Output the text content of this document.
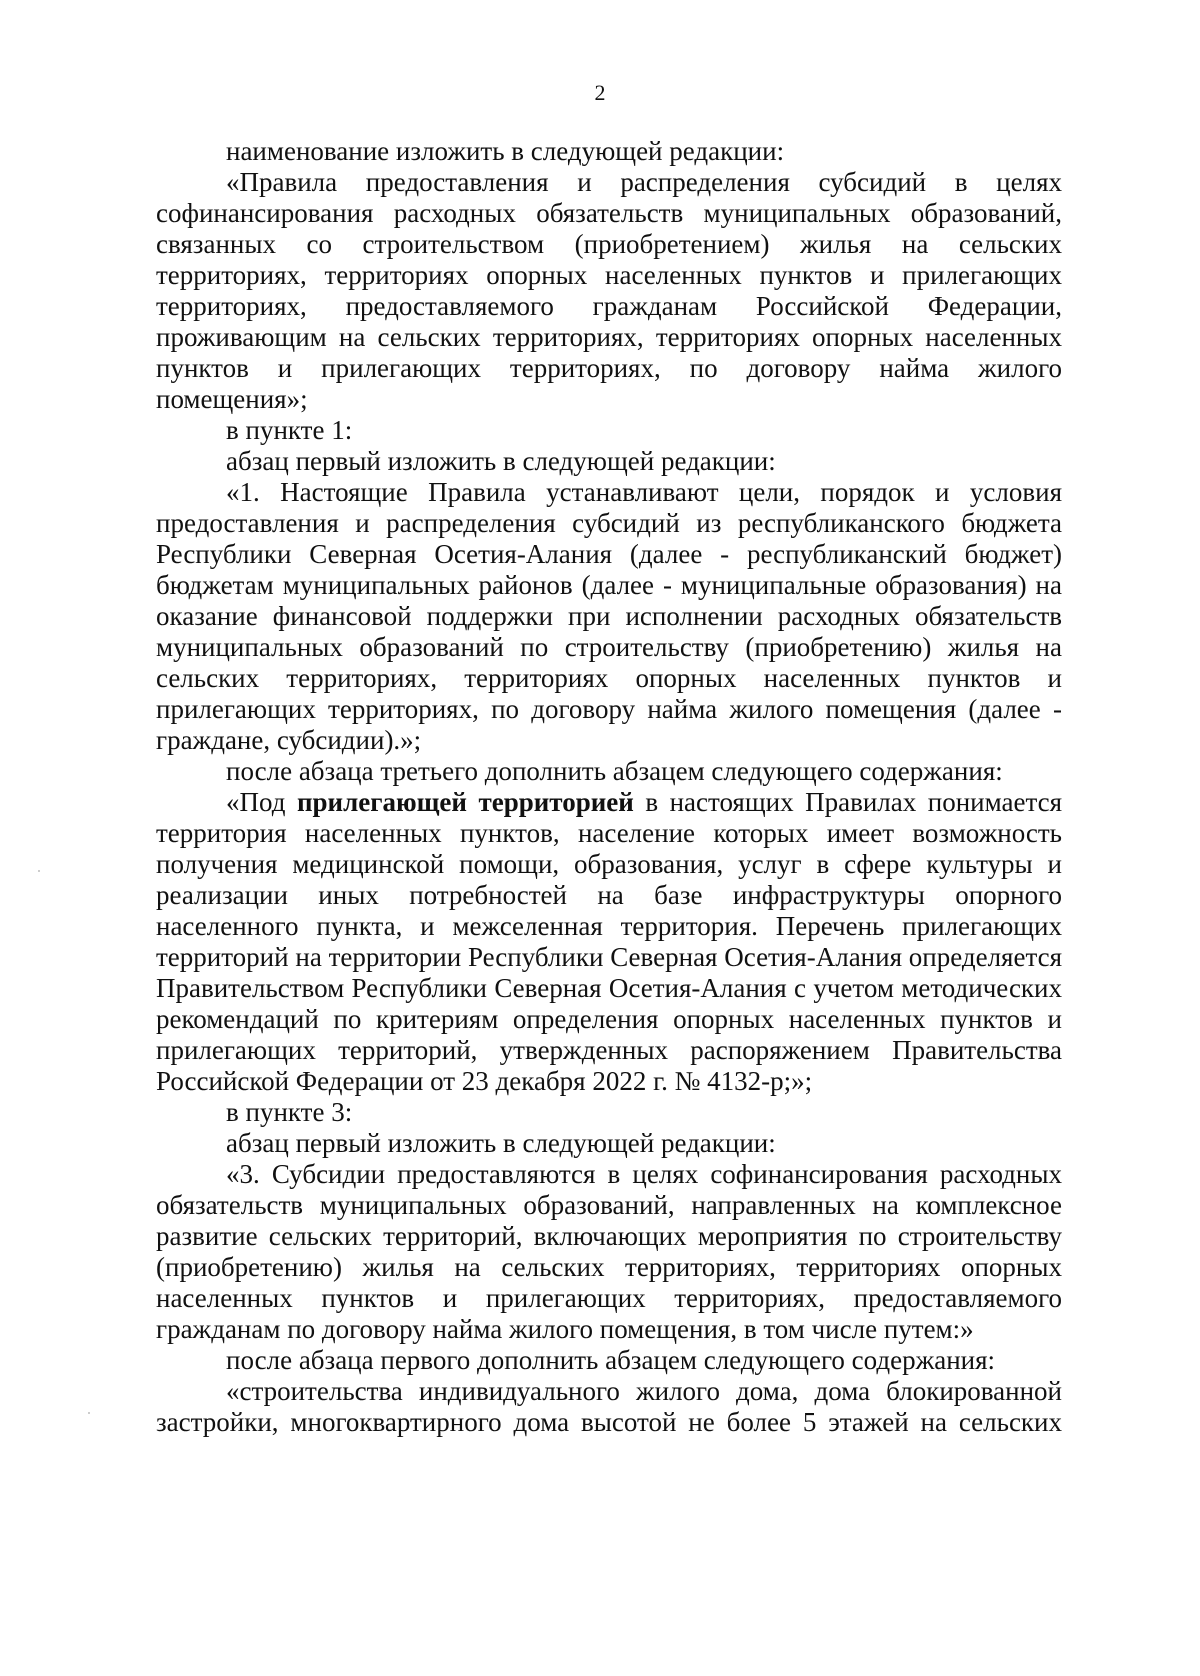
2

наименование изложить в следующей редакции:

«Правила предоставления и распределения субсидий в целях софинансирования расходных обязательств муниципальных образований, связанных со строительством (приобретением) жилья на сельских территориях, территориях опорных населенных пунктов и прилегающих территориях, предоставляемого гражданам Российской Федерации, проживающим на сельских территориях, территориях опорных населенных пунктов и прилегающих территориях, по договору найма жилого помещения»;

в пункте 1:

абзац первый изложить в следующей редакции:

«1. Настоящие Правила устанавливают цели, порядок и условия предоставления и распределения субсидий из республиканского бюджета Республики Северная Осетия-Алания (далее - республиканский бюджет) бюджетам муниципальных районов (далее - муниципальные образования) на оказание финансовой поддержки при исполнении расходных обязательств муниципальных образований по строительству (приобретению) жилья на сельских территориях, территориях опорных населенных пунктов и прилегающих территориях, по договору найма жилого помещения (далее - граждане, субсидии).»;

после абзаца третьего дополнить абзацем следующего содержания:

«Под прилегающей территорией в настоящих Правилах понимается территория населенных пунктов, население которых имеет возможность получения медицинской помощи, образования, услуг в сфере культуры и реализации иных потребностей на базе инфраструктуры опорного населенного пункта, и межселенная территория. Перечень прилегающих территорий на территории Республики Северная Осетия-Алания определяется Правительством Республики Северная Осетия-Алания с учетом методических рекомендаций по критериям определения опорных населенных пунктов и прилегающих территорий, утвержденных распоряжением Правительства Российской Федерации от 23 декабря 2022 г. № 4132-р;»;

в пункте 3:

абзац первый изложить в следующей редакции:

«3. Субсидии предоставляются в целях софинансирования расходных обязательств муниципальных образований, направленных на комплексное развитие сельских территорий, включающих мероприятия по строительству (приобретению) жилья на сельских территориях, территориях опорных населенных пунктов и прилегающих территориях, предоставляемого гражданам по договору найма жилого помещения, в том числе путем:»

после абзаца первого дополнить абзацем следующего содержания:

«строительства индивидуального жилого дома, дома блокированной застройки, многоквартирного дома высотой не более 5 этажей на сельских
